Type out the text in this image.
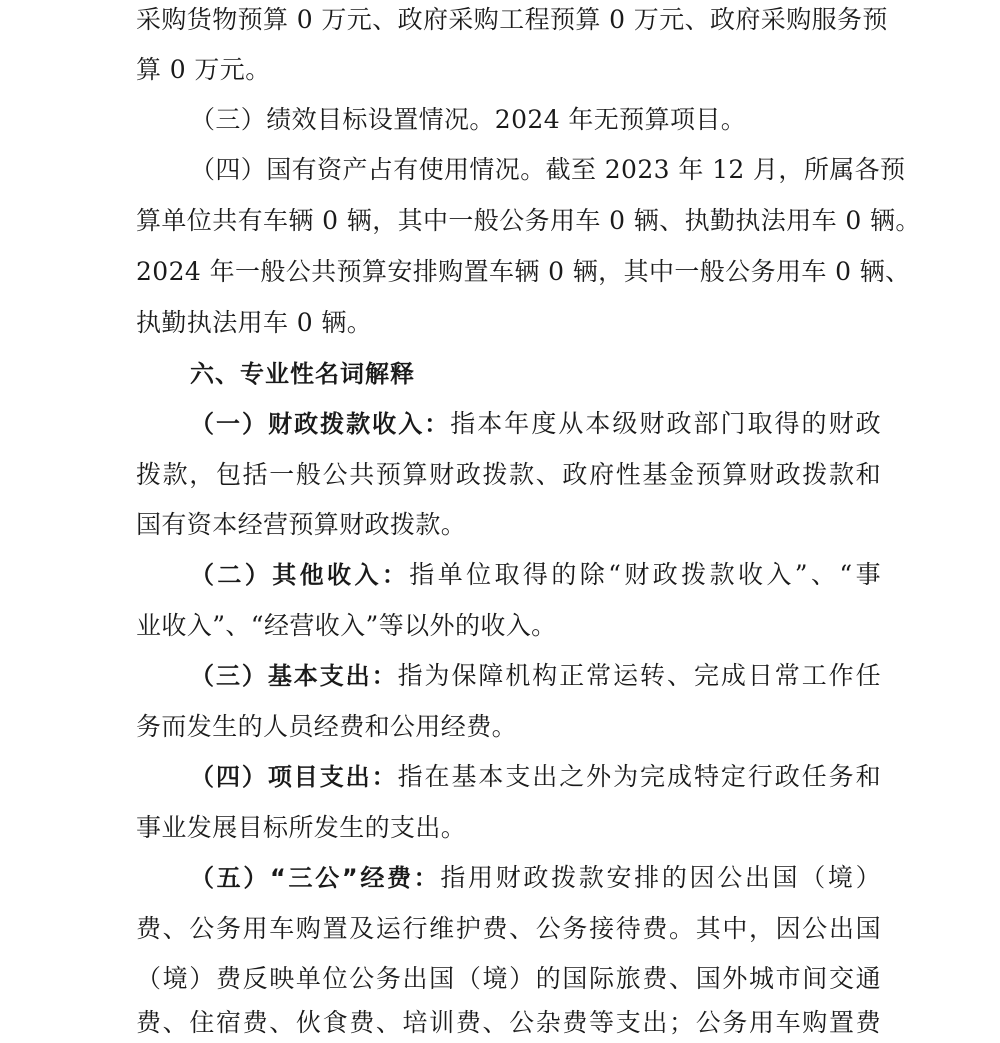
采购货物预算 0 万元、政府采购工程预算 0 万元、政府采购服务预
算 0 万元。
（三）绩效目标设置情况。2024 年无预算项目。
（四）国有资产占有使用情况。截至 2023 年 12 月，所属各预
算单位共有车辆 0 辆，其中一般公务用车 0 辆、执勤执法用车 0 辆。
2024 年一般公共预算安排购置车辆 0 辆，其中一般公务用车 0 辆、
执勤执法用车 0 辆。
六、专业性名词解释
（一）财政拨款收入：指本年度从本级财政部门取得的财政
拨款，包括一般公共预算财政拨款、政府性基金预算财政拨款和
国有资本经营预算财政拨款。
（二）其他收入：指单位取得的除“财政拨款收入”、“事
业收入”、“经营收入”等以外的收入。
（三）基本支出：指为保障机构正常运转、完成日常工作任
务而发生的人员经费和公用经费。
（四）项目支出：指在基本支出之外为完成特定行政任务和
事业发展目标所发生的支出。
（五）“三公”经费：指用财政拨款安排的因公出国（境）
费、公务用车购置及运行维护费、公务接待费。其中，因公出国
（境）费反映单位公务出国（境）的国际旅费、国外城市间交通
费、住宿费、伙食费、培训费、公杂费等支出；公务用车购置费
